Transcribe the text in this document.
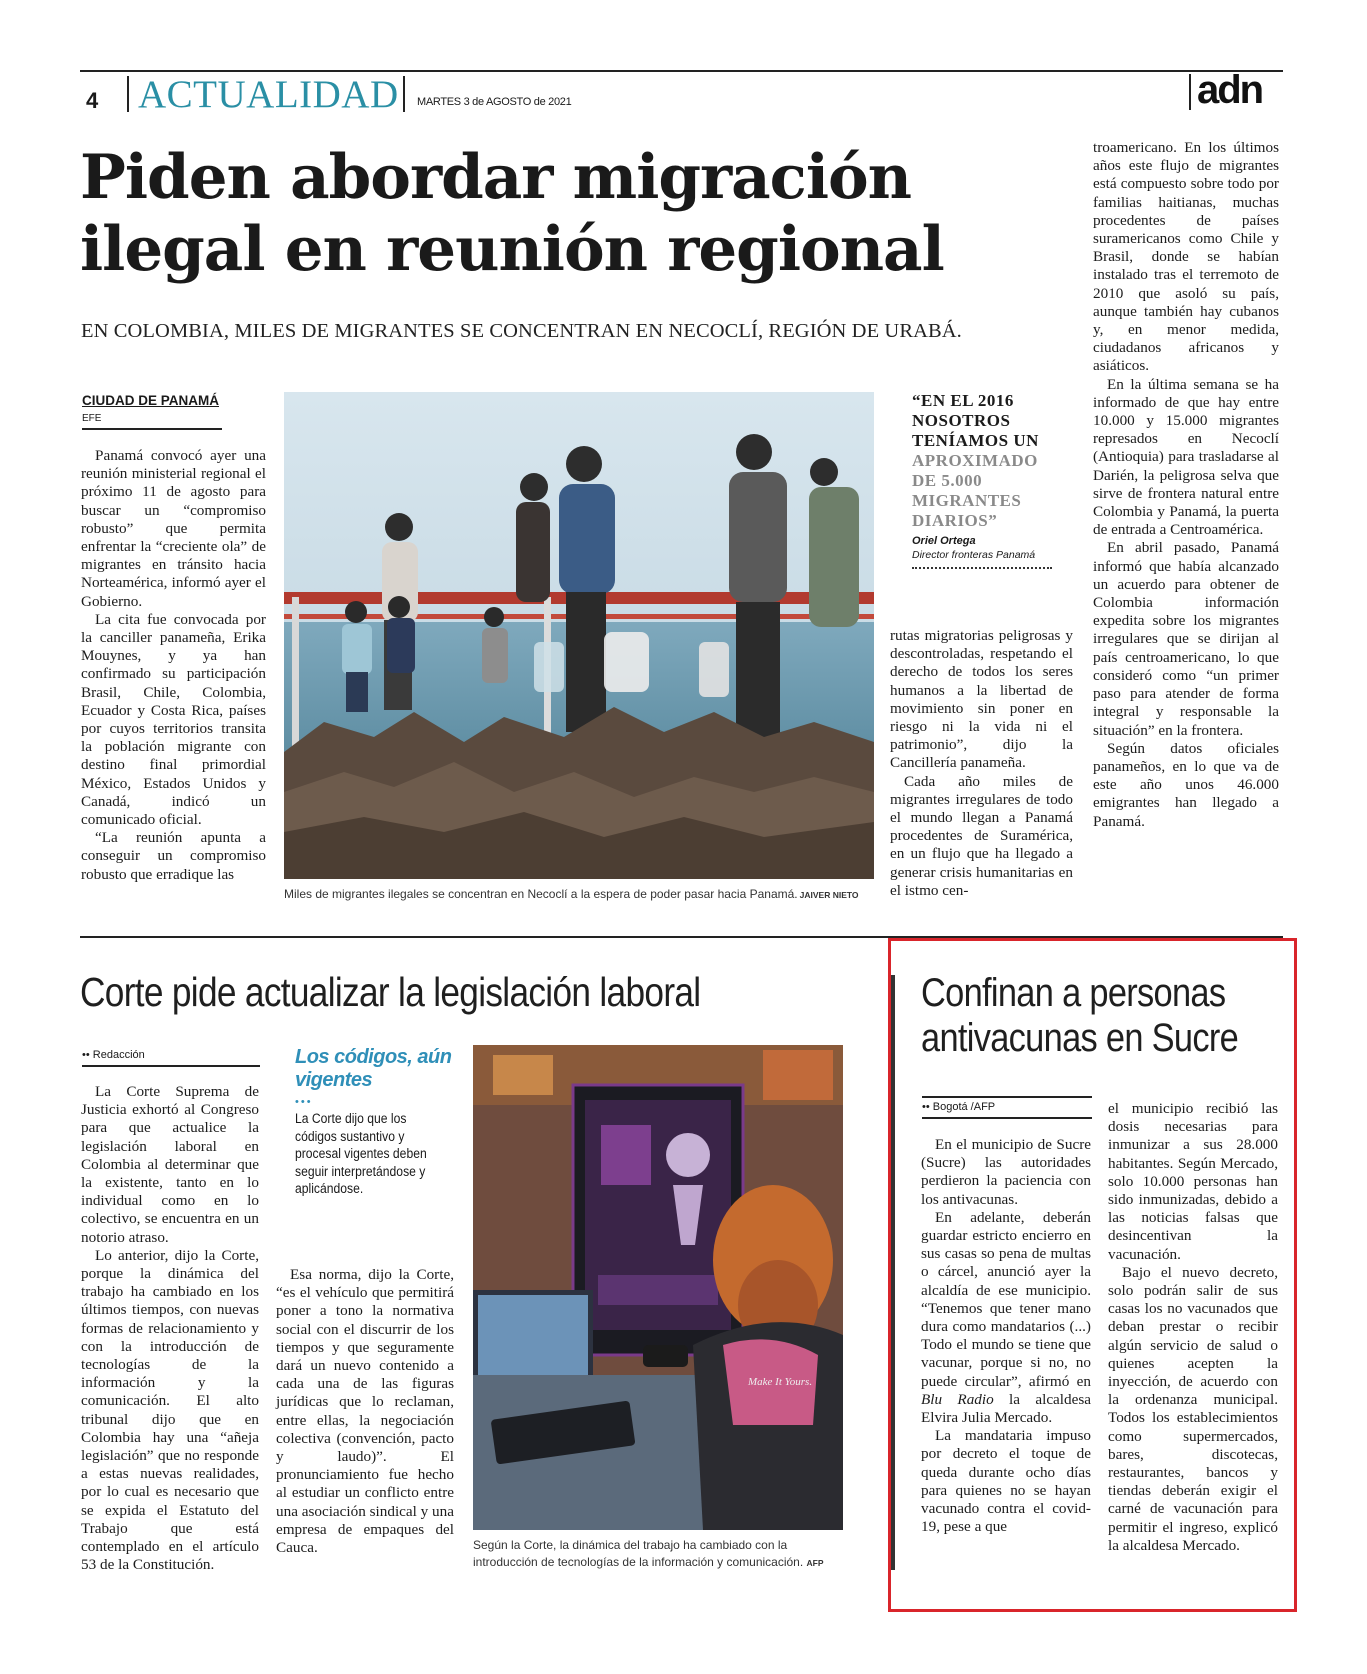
4 ACTUALIDAD MARTES 3 de AGOSTO de 2021	adn
Piden abordar migración
ilegal en reunión regional
EN COLOMBIA, MILES DE MIGRANTES SE CONCENTRAN EN NECOCLÍ, REGIÓN DE URABÁ.
CIUDAD DE PANAMÁ
EFE

Panamá convocó ayer una reunión ministerial regional el próximo 11 de agosto para buscar un “compromiso robusto” que permita enfrentar la “creciente ola” de migrantes en tránsito hacia Norteamérica, informó ayer el Gobierno.

La cita fue convocada por la canciller panameña, Erika Mouynes, y ya han confirmado su participación Brasil, Chile, Colombia, Ecuador y Costa Rica, países por cuyos territorios transita la población migrante con destino final primordial México, Estados Unidos y Canadá, indicó un comunicado oficial.

“La reunión apunta a conseguir un compromiso robusto que erradique las

Miles de migrantes ilegales se concentran en Necoclí a la espera de poder pasar hacia Panamá. JAIVER NIETO
“EN EL 2016 NOSOTROS TENÍAMOS UN
APROXIMADO DE 5.000 MIGRANTES DIARIOS”
Oriel Ortega
Director fronteras Panamá

rutas migratorias peligrosas y descontroladas, respetando el derecho de todos los seres humanos a la libertad de movimiento sin poner en riesgo ni la vida ni el patrimonio”, dijo la Cancillería panameña.

Cada año miles de migrantes irregulares de todo el mundo llegan a Panamá procedentes de Suramérica, en un flujo que ha llegado a generar crisis humanitarias en el istmo cen-

troamericano. En los últimos años este flujo de migrantes está compuesto sobre todo por familias haitianas, muchas procedentes de países suramericanos como Chile y Brasil, donde se habían instalado tras el terremoto de 2010 que asoló su país, aunque también hay cubanos y, en menor medida, ciudadanos africanos y asiáticos.

En la última semana se ha informado de que hay entre 10.000 y 15.000 migrantes represados en Necoclí (Antioquia) para trasladarse al Darién, la peligrosa selva que sirve de frontera natural entre Colombia y Panamá, la puerta de entrada a Centroamérica.

En abril pasado, Panamá informó que había alcanzado un acuerdo para obtener de Colombia información expedita sobre los migrantes irregulares que se dirijan al país centroamericano, lo que consideró como “un primer paso para atender de forma integral y responsable la situación” en la frontera.

Según datos oficiales panameños, en lo que va de este año unos 46.000 emigrantes han llegado a Panamá.

Corte pide actualizar la legislación laboral
•• Redacción

La Corte Suprema de Justicia exhortó al Congreso para que actualice la legislación laboral en Colombia al determinar que la existente, tanto en lo individual como en lo colectivo, se encuentra en un notorio atraso.

Lo anterior, dijo la Corte, porque la dinámica del trabajo ha cambiado en los últimos tiempos, con nuevas formas de relacionamiento y con la introducción de tecnologías de la información y la comunicación. El alto tribunal dijo que en Colombia hay una “añeja legislación” que no responde a estas nuevas realidades, por lo cual es necesario que se expida el Estatuto del Trabajo que está contemplado en el artículo 53 de la Constitución.

Los códigos, aún vigentes
•••
La Corte dijo que los códigos sustantivo y procesal vigentes deben seguir interpretándose y aplicándose.

Esa norma, dijo la Corte, “es el vehículo que permitirá poner a tono la normativa social con el discurrir de los tiempos y que seguramente dará un nuevo contenido a cada una de las figuras jurídicas que lo reclaman, entre ellas, la negociación colectiva (convención, pacto y laudo)”. El pronunciamiento fue hecho al estudiar un conflicto entre una asociación sindical y una empresa de empaques del Cauca.

Make It Yours.
Según la Corte, la dinámica del trabajo ha cambiado con la introducción de tecnologías de la información y comunicación. AFP
Confinan a personas
antivacunas en Sucre
•• Bogotá /AFP

En el municipio de Sucre (Sucre) las autoridades perdieron la paciencia con los antivacunas.

En adelante, deberán guardar estricto encierro en sus casas so pena de multas o cárcel, anunció ayer la alcaldía de ese municipio. “Tenemos que tener mano dura como mandatarios (...) Todo el mundo se tiene que vacunar, porque si no, no puede circular”, afirmó en Blu Radio la alcaldesa Elvira Julia Mercado.

La mandataria impuso por decreto el toque de queda durante ocho días para quienes no se hayan vacunado contra el covid-19, pese a que

el municipio recibió las dosis necesarias para inmunizar a sus 28.000 habitantes. Según Mercado, solo 10.000 personas han sido inmunizadas, debido a las noticias falsas que desincentivan la vacunación.

Bajo el nuevo decreto, solo podrán salir de sus casas los no vacunados que deban prestar o recibir algún servicio de salud o quienes acepten la inyección, de acuerdo con la ordenanza municipal. Todos los establecimientos como supermercados, bares, discotecas, restaurantes, bancos y tiendas deberán exigir el carné de vacunación para permitir el ingreso, explicó la alcaldesa Mercado.
